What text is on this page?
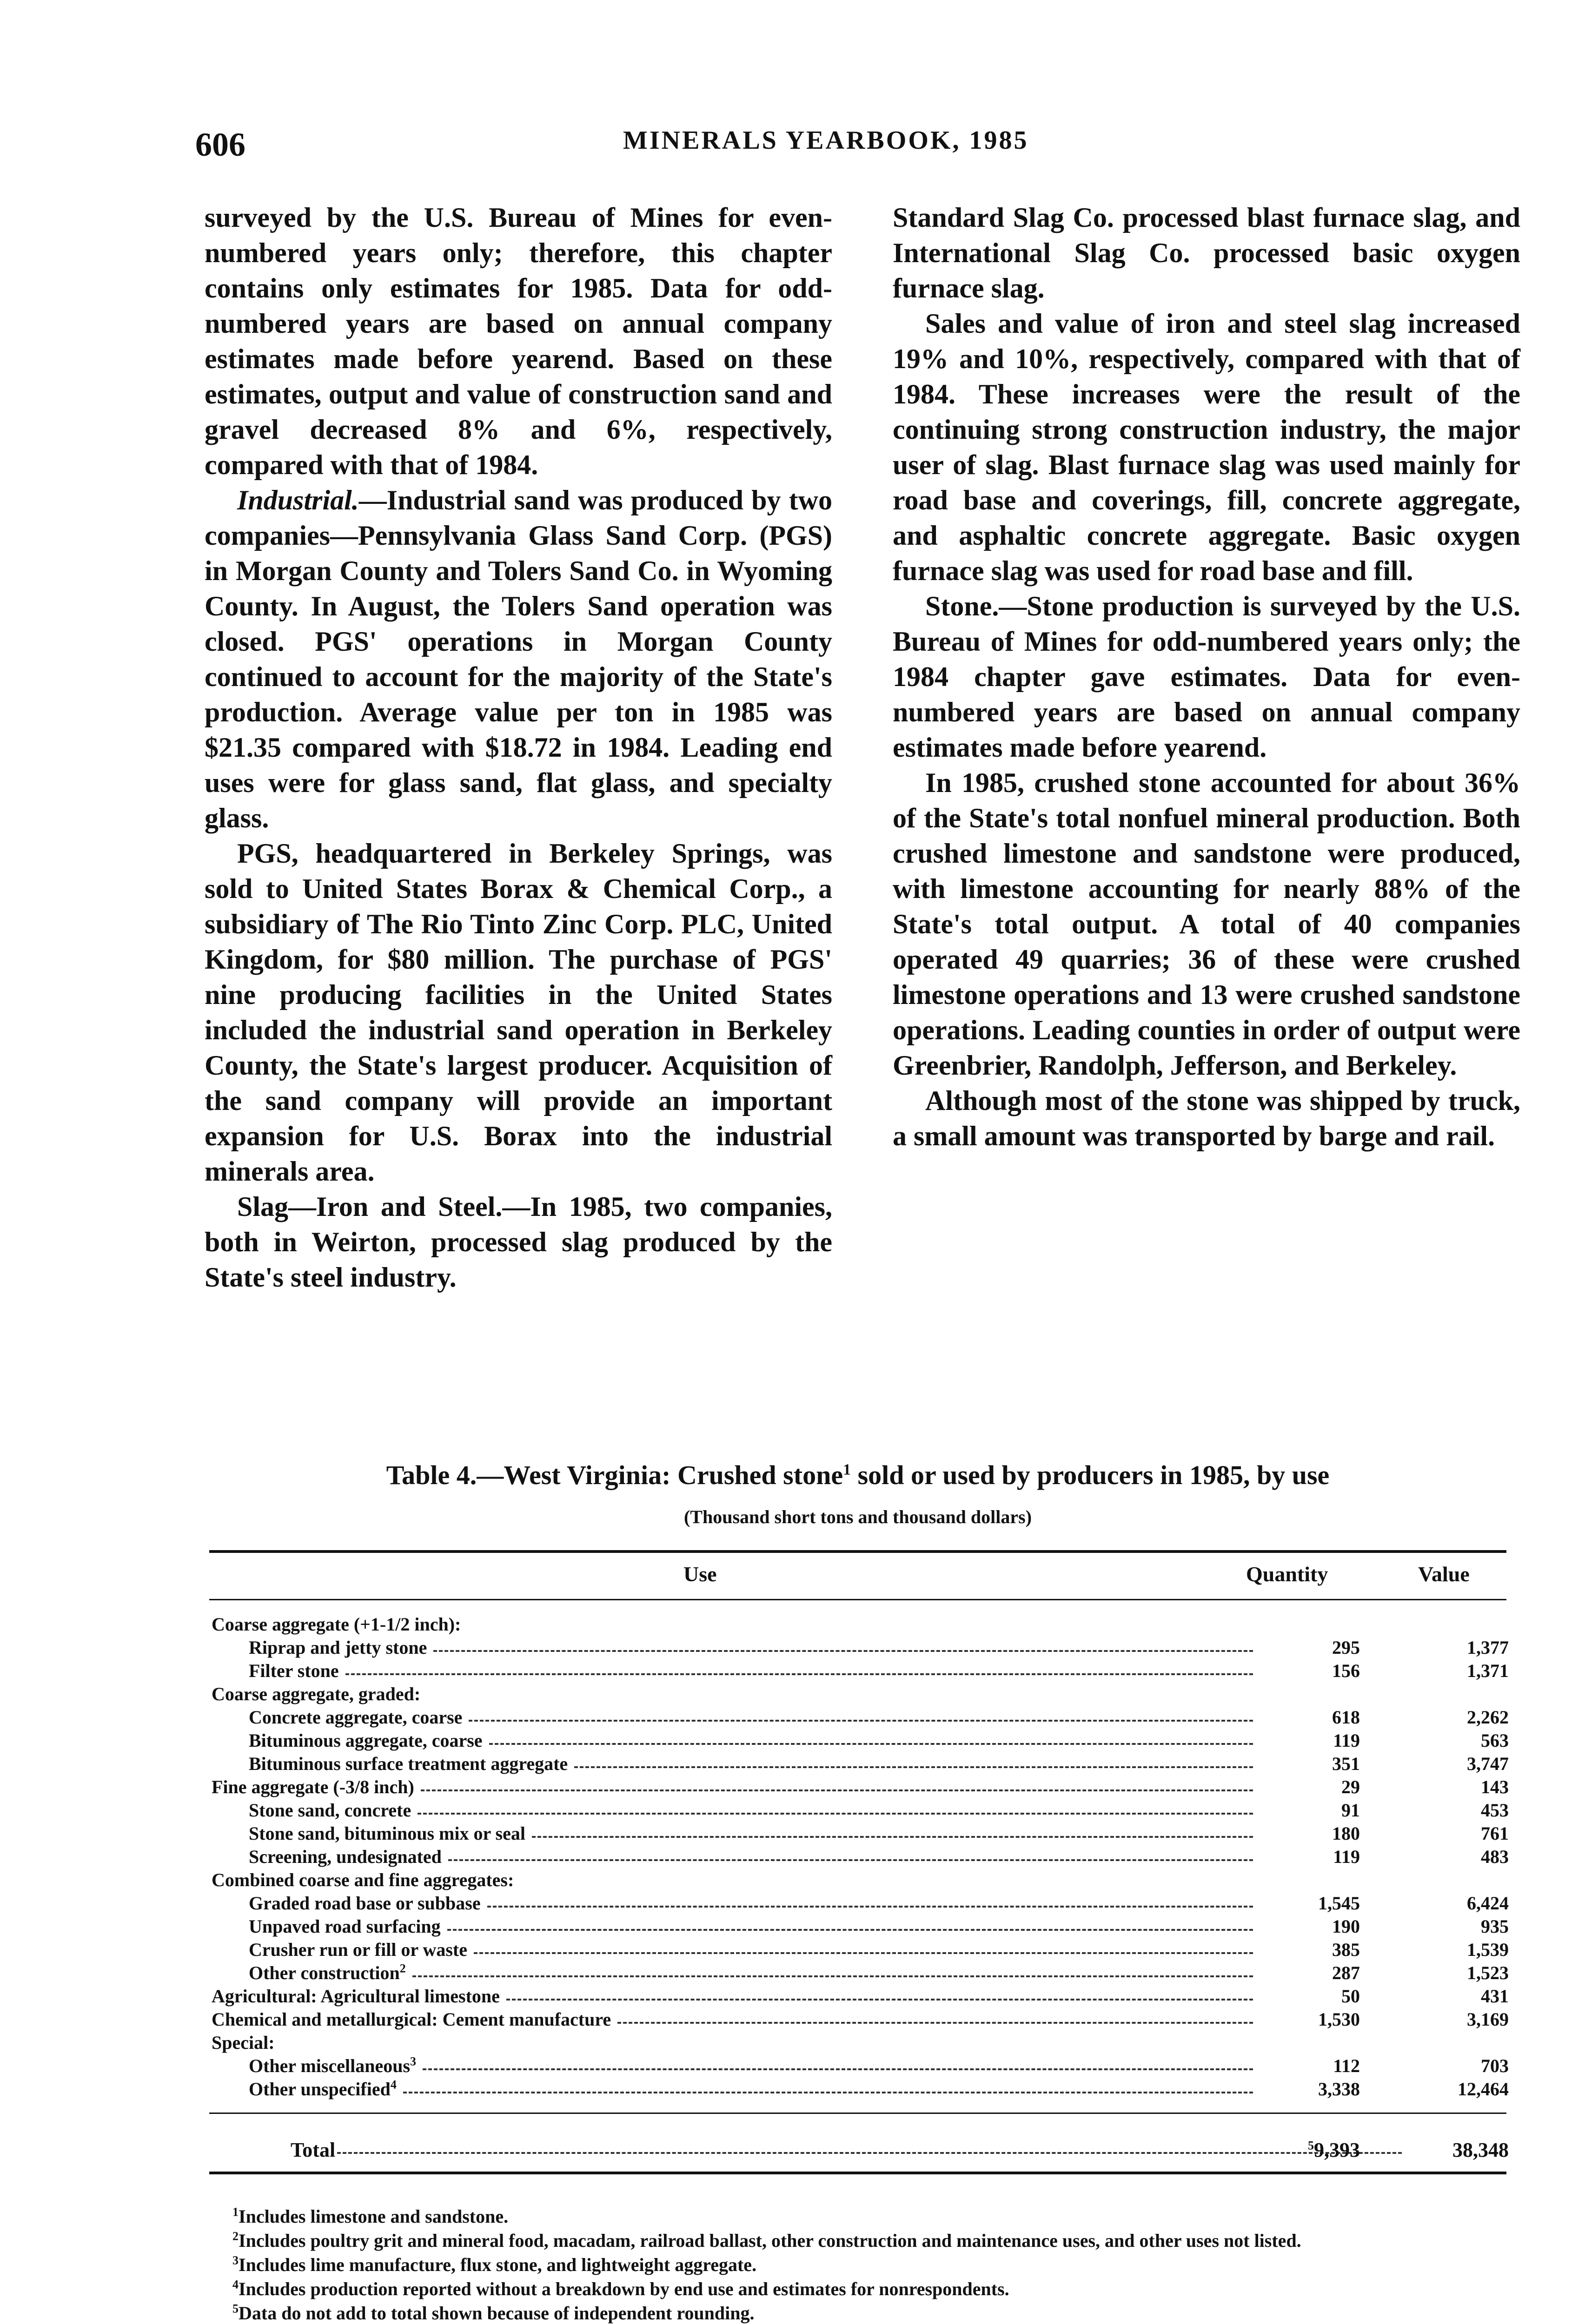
606	MINERALS YEARBOOK, 1985

surveyed by the U.S. Bureau of Mines for even-numbered years only; therefore, this chapter contains only estimates for 1985. Data for odd-numbered years are based on annual company estimates made before yearend. Based on these estimates, output and value of construction sand and gravel decreased 8% and 6%, respectively, compared with that of 1984.

Industrial.—Industrial sand was produced by two companies—Pennsylvania Glass Sand Corp. (PGS) in Morgan County and Tolers Sand Co. in Wyoming County. In August, the Tolers Sand operation was closed. PGS' operations in Morgan County continued to account for the majority of the State's production. Average value per ton in 1985 was $21.35 compared with $18.72 in 1984. Leading end uses were for glass sand, flat glass, and specialty glass.

PGS, headquartered in Berkeley Springs, was sold to United States Borax & Chemical Corp., a subsidiary of The Rio Tinto Zinc Corp. PLC, United Kingdom, for $80 million. The purchase of PGS' nine producing facilities in the United States included the industrial sand operation in Berkeley County, the State's largest producer. Acquisition of the sand company will provide an important expansion for U.S. Borax into the industrial minerals area.

Slag—Iron and Steel.—In 1985, two companies, both in Weirton, processed slag produced by the State's steel industry.

Standard Slag Co. processed blast furnace slag, and International Slag Co. processed basic oxygen furnace slag.

Sales and value of iron and steel slag increased 19% and 10%, respectively, compared with that of 1984. These increases were the result of the continuing strong construction industry, the major user of slag. Blast furnace slag was used mainly for road base and coverings, fill, concrete aggregate, and asphaltic concrete aggregate. Basic oxygen furnace slag was used for road base and fill.

Stone.—Stone production is surveyed by the U.S. Bureau of Mines for odd-numbered years only; the 1984 chapter gave estimates. Data for even-numbered years are based on annual company estimates made before yearend.

In 1985, crushed stone accounted for about 36% of the State's total nonfuel mineral production. Both crushed limestone and sandstone were produced, with limestone accounting for nearly 88% of the State's total output. A total of 40 companies operated 49 quarries; 36 of these were crushed limestone operations and 13 were crushed sandstone operations. Leading counties in order of output were Greenbrier, Randolph, Jefferson, and Berkeley.

Although most of the stone was shipped by truck, a small amount was transported by barge and rail.

Table 4.—West Virginia: Crushed stone$^1$ sold or used by producers in 1985, by use
(Thousand short tons and thousand dollars)
Use	Quantity	Value
Coarse aggregate (+1-1/2 inch):
Riprap and jetty stone	295	1,377
Filter stone	156	1,371
Coarse aggregate, graded:
Concrete aggregate, coarse	618	2,262
Bituminous aggregate, coarse	119	563
Bituminous surface treatment aggregate	351	3,747
Fine aggregate (-3/8 inch)	29	143
Stone sand, concrete	91	453
Stone sand, bituminous mix or seal	180	761
Screening, undesignated	119	483
Combined coarse and fine aggregates:
Graded road base or subbase	1,545	6,424
Unpaved road surfacing	190	935
Crusher run or fill or waste	385	1,539
Other construction$^2$	287	1,523
Agricultural: Agricultural limestone	50	431
Chemical and metallurgical: Cement manufacture	1,530	3,169
Special:
Other miscellaneous$^3$	112	703
Other unspecified$^4$	3,338	12,464
Total	$^5$9,393	38,348

$^1$Includes limestone and sandstone.

$^2$Includes poultry grit and mineral food, macadam, railroad ballast, other construction and maintenance uses, and other uses not listed.

$^3$Includes lime manufacture, flux stone, and lightweight aggregate.

$^4$Includes production reported without a breakdown by end use and estimates for nonrespondents.

$^5$Data do not add to total shown because of independent rounding.
